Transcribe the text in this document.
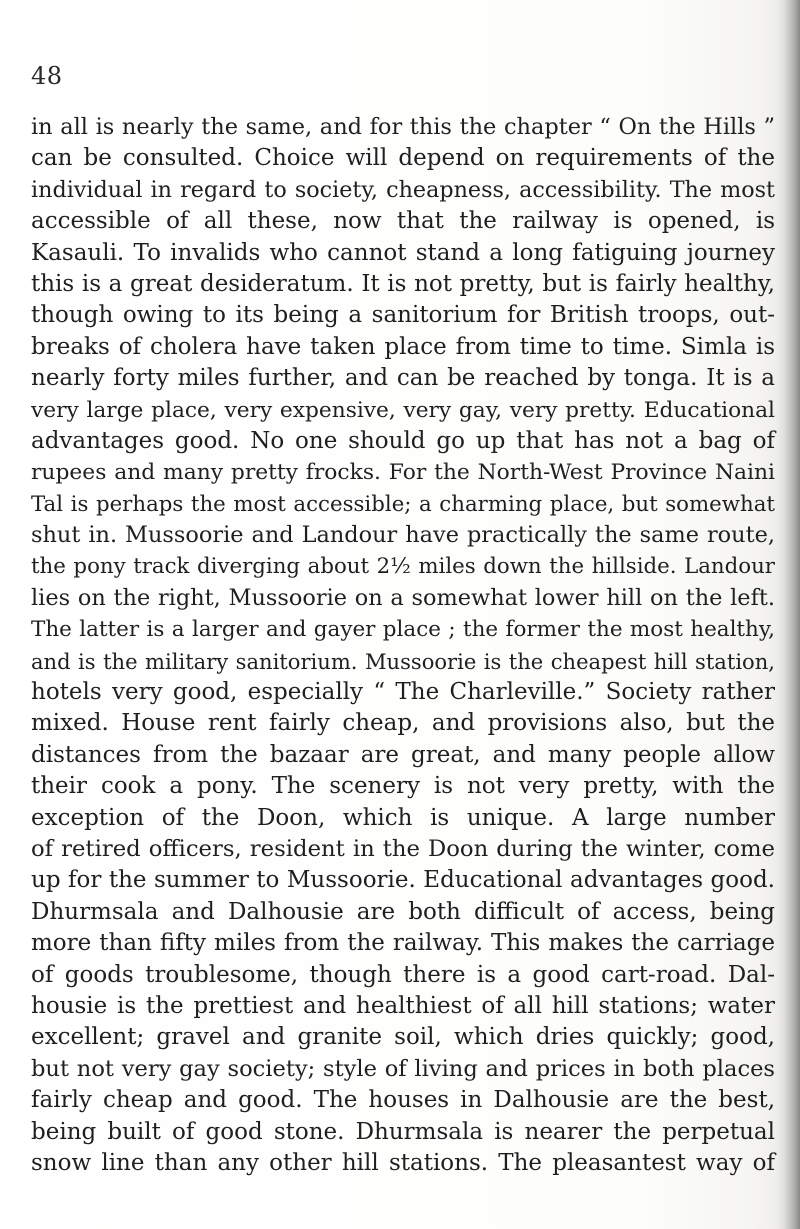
48
in all is nearly the same, and for this the chapter “ On the Hills ”
can be consulted. Choice will depend on requirements of the
individual in regard to society, cheapness, accessibility. The most
accessible of all these, now that the railway is opened, is
Kasauli. To invalids who cannot stand a long fatiguing journey
this is a great desideratum. It is not pretty, but is fairly healthy,
though owing to its being a sanitorium for British troops, out-
breaks of cholera have taken place from time to time. Simla is
nearly forty miles further, and can be reached by tonga. It is a
very large place, very expensive, very gay, very pretty. Educational
advantages good. No one should go up that has not a bag of
rupees and many pretty frocks. For the North-West Province Naini
Tal is perhaps the most accessible; a charming place, but somewhat
shut in. Mussoorie and Landour have practically the same route,
the pony track diverging about 2½ miles down the hillside. Landour
lies on the right, Mussoorie on a somewhat lower hill on the left.
The latter is a larger and gayer place ; the former the most healthy,
and is the military sanitorium. Mussoorie is the cheapest hill station,
hotels very good, especially “ The Charleville.” Society rather
mixed. House rent fairly cheap, and provisions also, but the
distances from the bazaar are great, and many people allow
their cook a pony. The scenery is not very pretty, with the
exception of the Doon, which is unique. A large number
of retired officers, resident in the Doon during the winter, come
up for the summer to Mussoorie. Educational advantages good.
Dhurmsala and Dalhousie are both difficult of access, being
more than fifty miles from the railway. This makes the carriage
of goods troublesome, though there is a good cart-road. Dal-
housie is the prettiest and healthiest of all hill stations; water
excellent; gravel and granite soil, which dries quickly; good,
but not very gay society; style of living and prices in both places
fairly cheap and good. The houses in Dalhousie are the best,
being built of good stone. Dhurmsala is nearer the perpetual
snow line than any other hill stations. The pleasantest way of
